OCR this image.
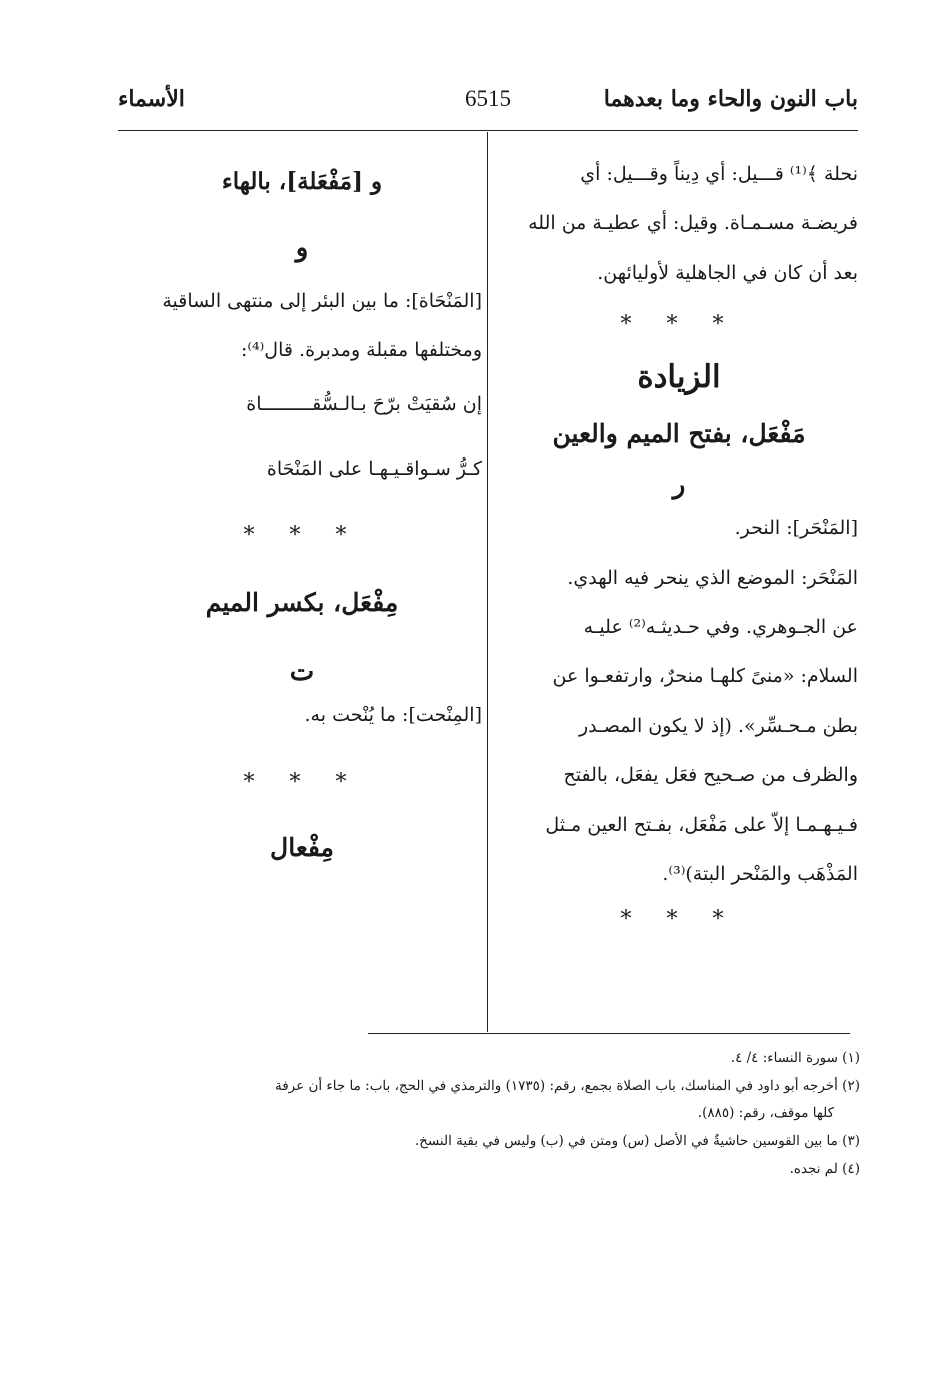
باب النون والحاء وما بعدهما
6515
الأسماء

نحلة ﴾⁽¹⁾ قـــيل: أي دِيناً وقـــيل: أي

فريضـة مسـمـاة. وقيل: أي عطيـة من الله

بعد أن كان في الجاهلية لأوليائهن.

* * *
الزيادة
مَفْعَل، بفتح الميم والعين
ر

[المَنْحَر]: النحر.

المَنْحَر: الموضع الذي ينحر فيه الهدي.

عن الجـوهري. وفي حـديثـه⁽²⁾ عليـه

السلام: «منىً كلهـا منحرٌ، وارتفعـوا عن

بطن مـحـسِّر». (إذ لا يكون المصـدر

والظرف من صـحيح فعَل يفعَل، بالفتح

فـيـهـمـا إلاّ على مَفْعَل، بفـتح العين مـثل

المَذْهَب والمَنْحر البتة)⁽³⁾.

* * *
و [مَفْعَلة]، بالهاء
و

[المَنْحَاة]: ما بين البئر إلى منتهى الساقية

ومختلفها مقبلة ومدبرة. قال⁽⁴⁾:

إن سُقيَتْ برّحَ بـالـسُّقـــــــــاة

كـرُّ سـواقـيـهـا على المَنْحَاة

* * *
مِفْعَل، بكسر الميم
ت

[المِنْحت]: ما يُنْحت به.

* * *
مِفْعال
(١) سورة النساء: ٤/ ٤.
(٢) أخرجه أبو داود في المناسك، باب الصلاة بجمع، رقم: (١٧٣٥) والترمذي في الحج، باب: ما جاء أن عرفة
كلها موقف، رقم: (٨٨٥).
(٣) ما بين القوسين حاشيةٌ في الأصل (س) ومتن في (ب) وليس في بقية النسخ.
(٤) لم نجده.
